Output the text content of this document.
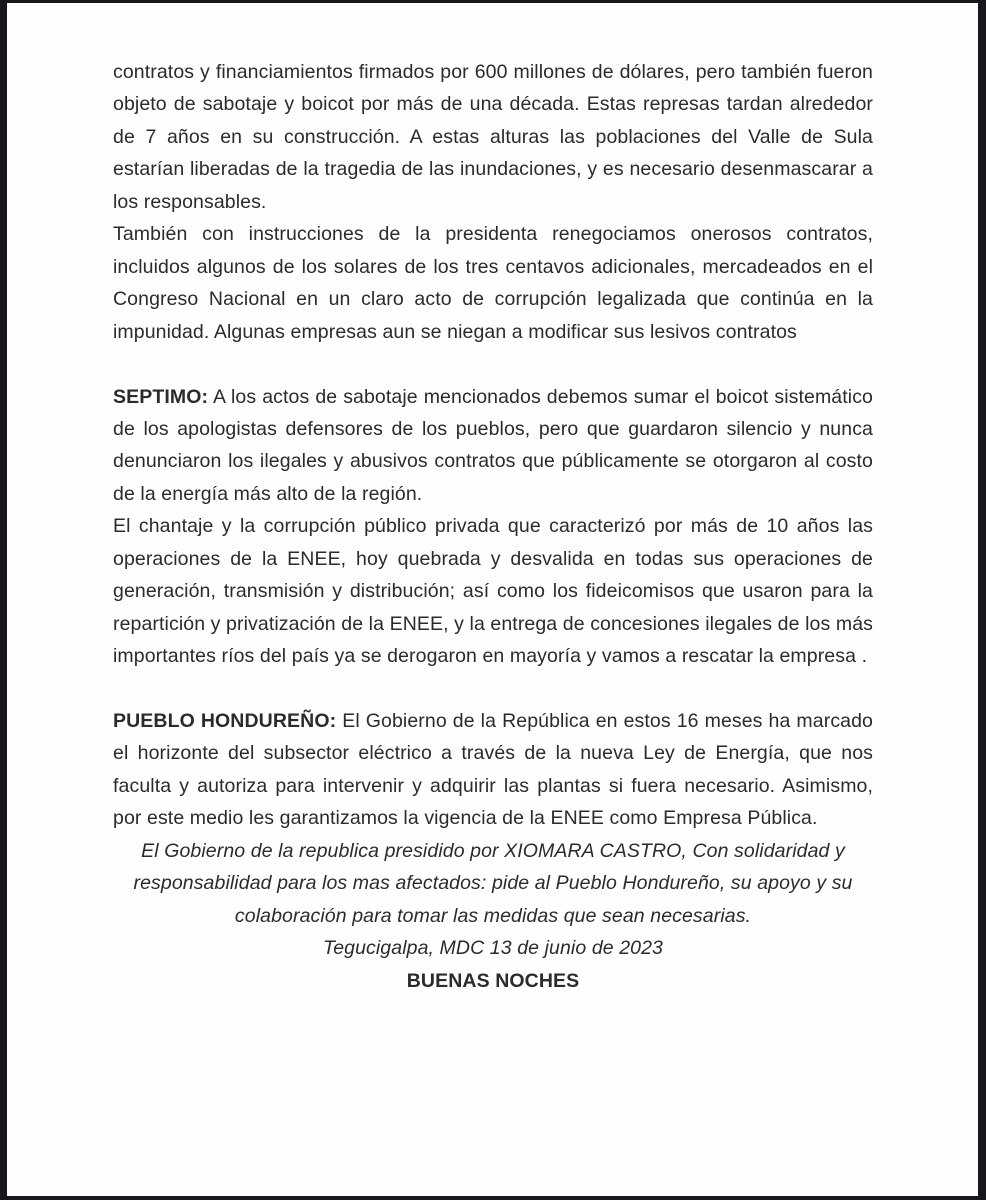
contratos y financiamientos firmados por 600 millones de dólares, pero también fueron objeto de sabotaje y boicot por más de una década. Estas represas tardan alrededor de 7 años en su construcción. A estas alturas las poblaciones del Valle de Sula estarían liberadas de la tragedia de las inundaciones, y es necesario desenmascarar a los responsables.

También con instrucciones de la presidenta renegociamos onerosos contratos, incluidos algunos de los solares de los tres centavos adicionales, mercadeados en el Congreso Nacional en un claro acto de corrupción legalizada que continúa en la impunidad. Algunas empresas aun se niegan a modificar sus lesivos contratos

SEPTIMO: A los actos de sabotaje mencionados debemos sumar el boicot sistemático de los apologistas defensores de los pueblos, pero que guardaron silencio y nunca denunciaron los ilegales y abusivos contratos que públicamente se otorgaron al costo de la energía más alto de la región.

El chantaje y la corrupción público privada que caracterizó por más de 10 años las operaciones de la ENEE, hoy quebrada y desvalida en todas sus operaciones de generación, transmisión y distribución; así como los fideicomisos que usaron para la repartición y privatización de la ENEE, y la entrega de concesiones ilegales de los más importantes ríos del país ya se derogaron en mayoría y vamos a rescatar la empresa .

PUEBLO HONDUREÑO: El Gobierno de la República en estos 16 meses ha marcado el horizonte del subsector eléctrico a través de la nueva Ley de Energía, que nos faculta y autoriza para intervenir y adquirir las plantas si fuera necesario. Asimismo, por este medio les garantizamos la vigencia de la ENEE como Empresa Pública.

El Gobierno de la republica presidido por XIOMARA CASTRO, Con solidaridad y responsabilidad para los mas afectados: pide al Pueblo Hondureño, su apoyo y su colaboración para tomar las medidas que sean necesarias.

Tegucigalpa, MDC 13 de junio de 2023

BUENAS NOCHES
